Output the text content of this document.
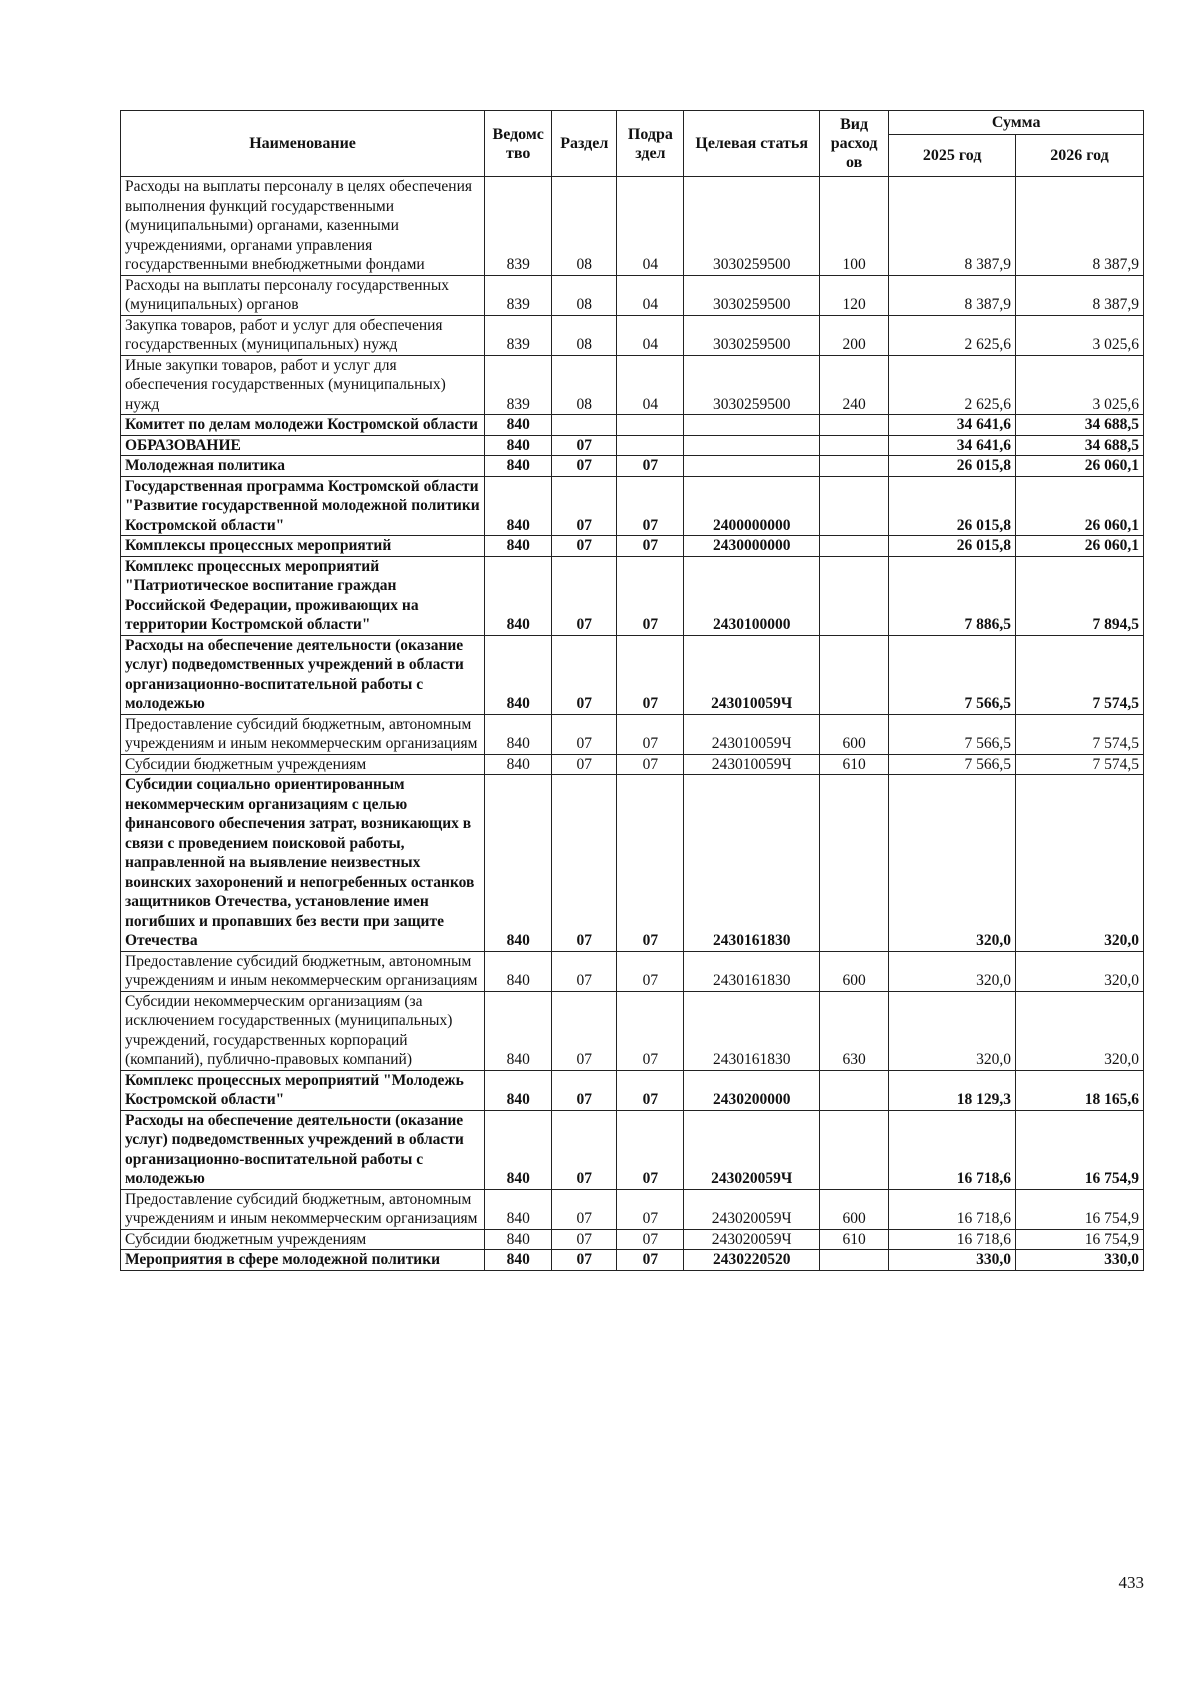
Наименование	Ведомс тво	Раздел	Подра здел	Целевая статья	Вид расход ов	Сумма	
						2025 год	2026 год
Расходы на выплаты персоналу в целях обеспечения выполнения функций государственными (муниципальными) органами, казенными учреждениями, органами управления государственными внебюджетными фондами	839	08	04	3030259500	100	8 387,9	8 387,9
Расходы на выплаты персоналу государственных (муниципальных) органов	839	08	04	3030259500	120	8 387,9	8 387,9
Закупка товаров, работ и услуг для обеспечения государственных (муниципальных) нужд	839	08	04	3030259500	200	2 625,6	3 025,6
Иные закупки товаров, работ и услуг для обеспечения государственных (муниципальных) нужд	839	08	04	3030259500	240	2 625,6	3 025,6
Комитет по делам молодежи Костромской области	840					34 641,6	34 688,5
ОБРАЗОВАНИЕ	840	07				34 641,6	34 688,5
Молодежная политика	840	07	07			26 015,8	26 060,1
Государственная программа Костромской области "Развитие государственной молодежной политики Костромской области"	840	07	07	2400000000		26 015,8	26 060,1
Комплексы процессных мероприятий	840	07	07	2430000000		26 015,8	26 060,1
Комплекс процессных мероприятий "Патриотическое воспитание граждан Российской Федерации, проживающих на территории Костромской области"	840	07	07	2430100000		7 886,5	7 894,5
Расходы на обеспечение деятельности (оказание услуг) подведомственных учреждений в области организационно-воспитательной работы с молодежью	840	07	07	243010059Ч		7 566,5	7 574,5
Предоставление субсидий бюджетным, автономным учреждениям и иным некоммерческим организациям	840	07	07	243010059Ч	600	7 566,5	7 574,5
Субсидии бюджетным учреждениям	840	07	07	243010059Ч	610	7 566,5	7 574,5
Субсидии социально ориентированным некоммерческим организациям с целью финансового обеспечения затрат, возникающих в связи с проведением поисковой работы, направленной на выявление неизвестных воинских захоронений и непогребенных останков защитников Отечества, установление имен погибших и пропавших без вести при защите Отечества	840	07	07	2430161830		320,0	320,0
Предоставление субсидий бюджетным, автономным учреждениям и иным некоммерческим организациям	840	07	07	2430161830	600	320,0	320,0
Субсидии некоммерческим организациям (за исключением государственных (муниципальных) учреждений, государственных корпораций (компаний), публично-правовых компаний)	840	07	07	2430161830	630	320,0	320,0
Комплекс процессных мероприятий "Молодежь Костромской области"	840	07	07	2430200000		18 129,3	18 165,6
Расходы на обеспечение деятельности (оказание услуг) подведомственных учреждений в области организационно-воспитательной работы с молодежью	840	07	07	243020059Ч		16 718,6	16 754,9
Предоставление субсидий бюджетным, автономным учреждениям и иным некоммерческим организациям	840	07	07	243020059Ч	600	16 718,6	16 754,9
Субсидии бюджетным учреждениям	840	07	07	243020059Ч	610	16 718,6	16 754,9
Мероприятия в сфере молодежной политики	840	07	07	2430220520		330,0	330,0
433
